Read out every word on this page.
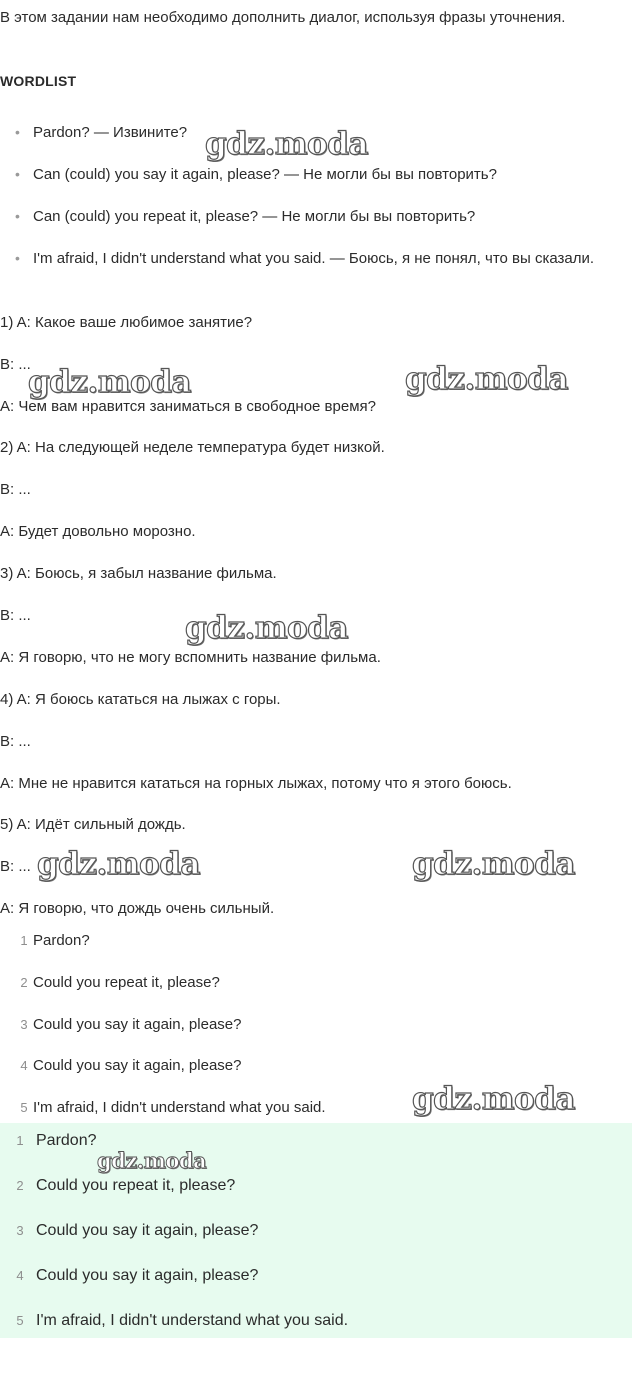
В этом задании нам необходимо дополнить диалог, используя фразы уточнения.
WORDLIST
• Pardon? — Извините?
• Can (could) you say it again, please? — Не могли бы вы повторить?
• Can (could) you repeat it, please? — Не могли бы вы повторить?
• I'm afraid, I didn't understand what you said. — Боюсь, я не понял, что вы сказали.
1) A: Какое ваше любимое занятие?
B: ...
A: Чем вам нравится заниматься в свободное время?
2) A: На следующей неделе температура будет низкой.
B: ...
A: Будет довольно морозно.
3) A: Боюсь, я забыл название фильма.
B: ...
A: Я говорю, что не могу вспомнить название фильма.
4) A: Я боюсь кататься на лыжах с горы.
B: ...
A: Мне не нравится кататься на горных лыжах, потому что я этого боюсь.
5) A: Идёт сильный дождь.
B: ...
A: Я говорю, что дождь очень сильный.
1 Pardon?
2 Could you repeat it, please?
3 Could you say it again, please?
4 Could you say it again, please?
5 I'm afraid, I didn't understand what you said.
1 Pardon?
2 Could you repeat it, please?
3 Could you say it again, please?
4 Could you say it again, please?
5 I'm afraid, I didn't understand what you said.
gdz.moda
gdz.moda	gdz.moda
gdz.moda
gdz.moda	gdz.moda
gdz.moda
gdz.moda
